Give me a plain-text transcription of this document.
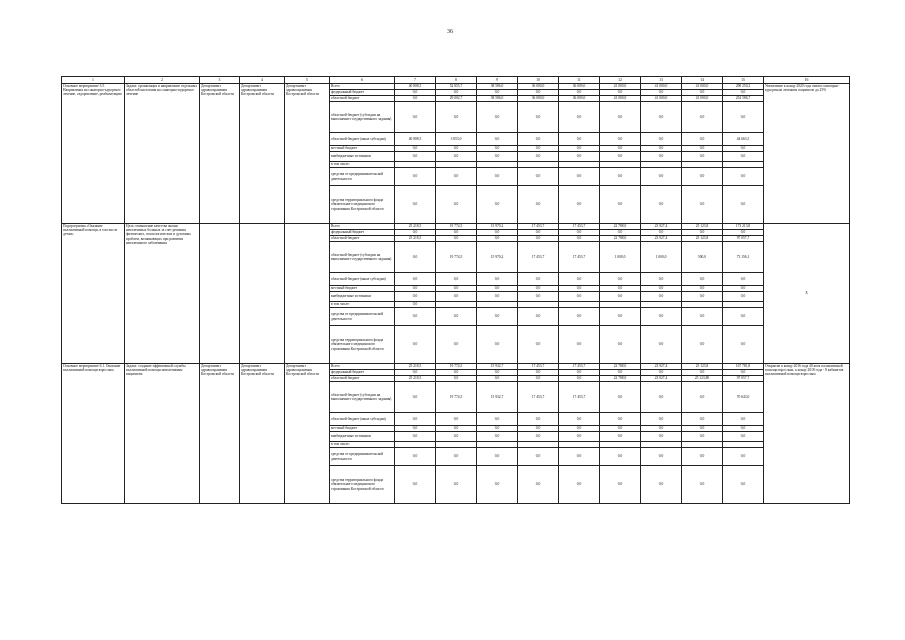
36
1	2	3	4	5	6	7	8	9	10	11	12	13	14	15	16
Основное мероприятие 3.5. Направления на санаторно-курортное лечение, оздоровление, реабилитацию	Задача: организация и направление отдельных областей населения на санаторно-курортное лечение	Департамент здравоохранения Костромской области	Департамент здравоохранения Костромской области	Департамент здравоохранения Костромской области	Всего	40 808,5	52 855,7	38 586,0	36 000,0	36 000,0	41 000,0	41 000,0	41 000,0	298 250,2	Увеличение к концу 2020 года охвата санаторно-курортным лечением пациентов до 25%
					федеральный бюджет	0,0	0,0	0,0	0,0	0,0	0,0	0,0	0,0	0,0	
					областной бюджет	0,0	29 002,7	38 586,0	36 000,0	36 000,0	41 000,0	41 000,0	41 000,0	254 586,7	
					областной бюджет (субсидии на выполнение государственного задания)	0,0	0,0	0,0	0,0	0,0	0,0	0,0	0,0	0,0	
					областной бюджет (иные субсидии)	40 808,5	3 853,0	0,0	0,0	0,0	0,0	0,0	0,0	44 663,5	
					местный бюджет	0,0	0,0	0,0	0,0	0,0	0,0	0,0	0,0	0,0	
					внебюджетные источники	0,0	0,0	0,0	0,0	0,0	0,0	0,0	0,0	0,0	
					в том числе:										
					средства от предпринимательской деятельности	0,0	0,0	0,0	0,0	0,0	0,0	0,0	0,0	0,0	
					средства территориального фонда обязательного медицинского страхования Костромской области	0,0	0,0	0,0	0,0	0,0	0,0	0,0	0,0	0,0	
Подпрограмма «Оказание паллиативной помощи, в том числе детям»	Цель: повышение качества жизни неизлечимых больных за счет решения физических, психологических и духовных проблем, возникающих при развитии неизлечимого заболевания				Всего	25 218,5	19 774,5	15 970,2	17 453,7	17 453,7	22 788,0	23 927,4	25 123,8	173 213,8	Х
					федеральный бюджет	0,0	0,0	0,0	0,0	0,0	0,0	0,0	0,0	0,0	
					областной бюджет	25 218,5	0,0	0,0	0,0	0,0	22 788,0	23 927,4	25 123,8	97 057,7	
					областной бюджет (субсидии на выполнение государственного задания)	0,0	19 774,5	15 970,2	17 453,7	17 453,7	1 000,0	1 000,0	500,0	73 156,1	
					областной бюджет (иные субсидии)	0,0	0,0	0,0	0,0	0,0	0,0	0,0	0,0	0,0	
					местный бюджет	0,0	0,0	0,0	0,0	0,0	0,0	0,0	0,0	0,0	
					внебюджетные источники	0,0	0,0	0,0	0,0	0,0	0,0	0,0	0,0	0,0	
					в том числе:	0,0									
					средства от предпринимательской деятельности	0,0	0,0	0,0	0,0	0,0	0,0	0,0	0,0	0,0	
					средства территориального фонда обязательного медицинского страхования Костромской области	0,0	0,0	0,0	0,0	0,0	0,0	0,0	0,0	0,0	
Основное мероприятие 6.1. Оказание паллиативной помощи взрослым	Задача: создание эффективной службы паллиативной помощи неизлечимым пациентам	Департамент здравоохранения Костромской области	Департамент здравоохранения Костромской области	Департамент здравоохранения Костромской области	Всего	25 218,5	19 774,5	15 932,7	17 453,7	17 453,7	22 788,0	23 927,4	25 123,8	167 781,8	Открытие к концу 2016 года 40 коек паллиативной помощи взрослым, к концу 2018 года - 8 кабинетов паллиативной помощи взрослым
					федеральный бюджет	0,0	0,0	0,0	0,0	0,0	0,0	0,0	0,0	0,0	
					областной бюджет	25 218,5	0,0	0,0	0,0	0,0	22 788,0	23 927,4	25 123,80	97 057,7	
					областной бюджет (субсидии на выполнение государственного задания)	0,0	19 774,5	15 932,7	17 453,7	17 453,7	0,0	0,0	0,0	70 643,0	
					областной бюджет (иные субсидии)	0,0	0,0	0,0	0,0	0,0	0,0	0,0	0,0	0,0	
					местный бюджет	0,0	0,0	0,0	0,0	0,0	0,0	0,0	0,0	0,0	
					внебюджетные источники	0,0	0,0	0,0	0,0	0,0	0,0	0,0	0,0	0,0	
					в том числе:										
					средства от предпринимательской деятельности	0,0	0,0	0,0	0,0	0,0	0,0	0,0	0,0	0,0	
					средства территориального фонда обязательного медицинского страхования Костромской области	0,0	0,0	0,0	0,0	0,0	0,0	0,0	0,0	0,0	
